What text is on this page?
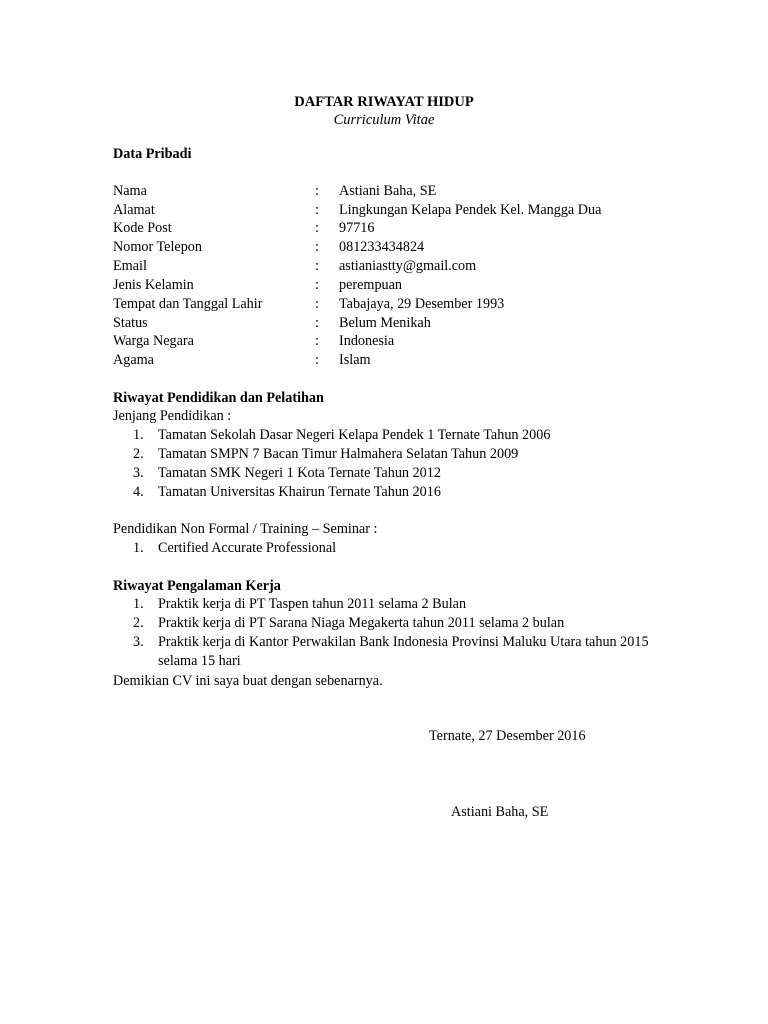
DAFTAR RIWAYAT HIDUP
Curriculum Vitae
Data Pribadi
Nama	: Astiani Baha, SE
Alamat	: Lingkungan Kelapa Pendek Kel. Mangga Dua
Kode Post	: 97716
Nomor Telepon	: 081233434824
Email	: astianiastty@gmail.com
Jenis Kelamin	: perempuan
Tempat dan Tanggal Lahir	: Tabajaya, 29 Desember 1993
Status	: Belum Menikah
Warga Negara	: Indonesia
Agama	: Islam
Riwayat Pendidikan dan Pelatihan
Jenjang Pendidikan :
1. Tamatan Sekolah Dasar Negeri Kelapa Pendek 1 Ternate Tahun 2006
2. Tamatan SMPN 7 Bacan Timur Halmahera Selatan Tahun 2009
3. Tamatan SMK Negeri 1 Kota Ternate Tahun 2012
4. Tamatan Universitas Khairun Ternate Tahun 2016
Pendidikan Non Formal / Training – Seminar :
1. Certified Accurate Professional
Riwayat Pengalaman Kerja
1. Praktik kerja di PT Taspen tahun 2011 selama 2 Bulan
2. Praktik kerja di PT Sarana Niaga Megakerta tahun 2011 selama 2 bulan
3. Praktik kerja di Kantor Perwakilan Bank Indonesia Provinsi Maluku Utara tahun 2015
selama 15 hari
Demikian CV ini saya buat dengan sebenarnya.
Ternate, 27 Desember 2016
Astiani Baha, SE
